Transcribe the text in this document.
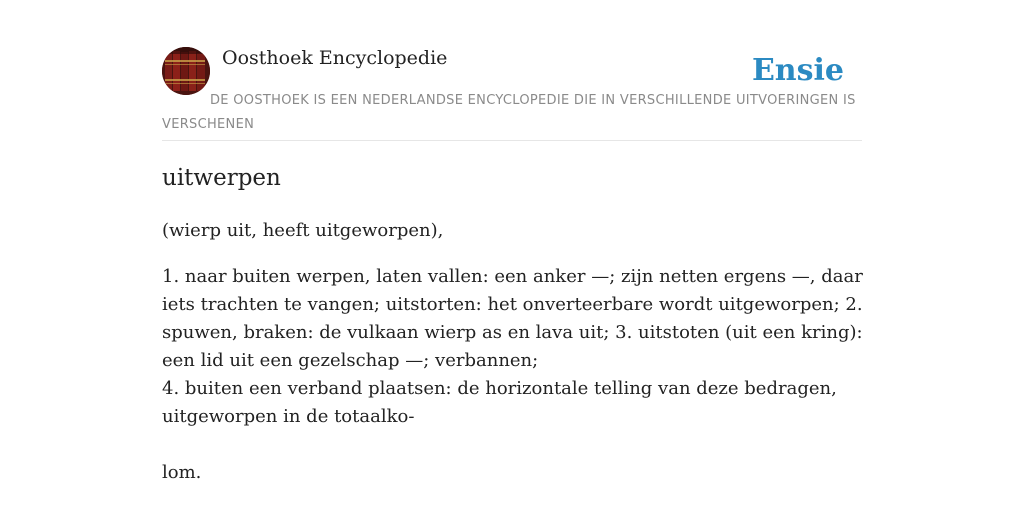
Oosthoek Encyclopedie	Ensie
DE OOSTHOEK IS EEN NEDERLANDSE ENCYCLOPEDIE DIE IN VERSCHILLENDE UITVOERINGEN IS VERSCHENEN
uitwerpen
(wierp uit, heeft uitgeworpen),

1. naar buiten werpen, laten vallen: een anker —; zijn netten ergens —, daar iets trachten te vangen; uitstorten: het onverteerbare wordt uitgeworpen; 2. spuwen, braken: de vulkaan wierp as en lava uit; 3. uitstoten (uit een kring): een lid uit een gezelschap —; verbannen;

4. buiten een verband plaatsen: de horizontale telling van deze bedragen, uitgeworpen in de totaalko-

lom.
